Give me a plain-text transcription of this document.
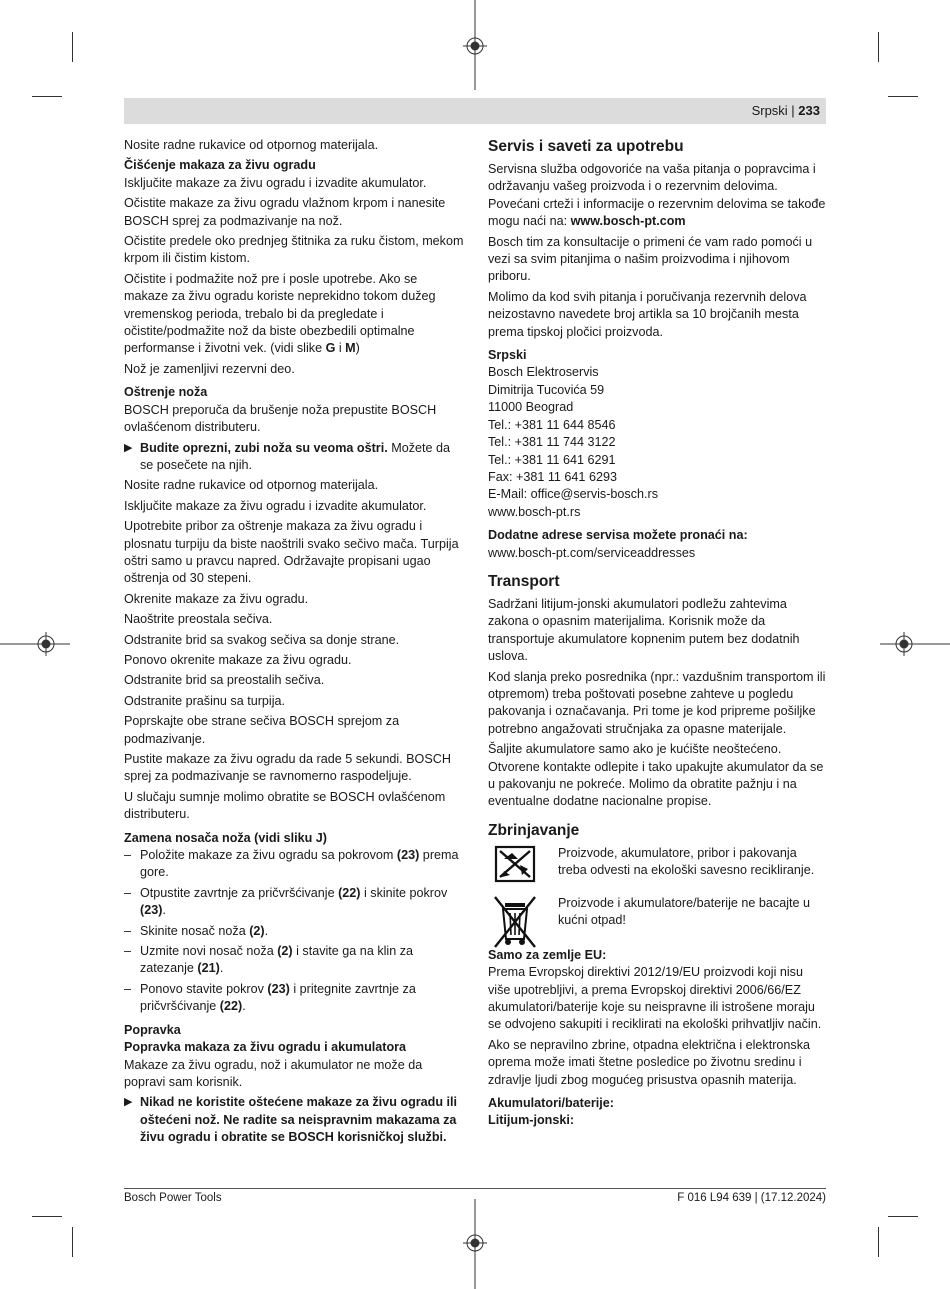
Srpski | 233

Nosite radne rukavice od otpornog materijala.

Čišćenje makaza za živu ogradu

Isključite makaze za živu ogradu i izvadite akumulator.

Očistite makaze za živu ogradu vlažnom krpom i nanesite BOSCH sprej za podmazivanje na nož.

Očistite predele oko prednjeg štitnika za ruku čistom, mekom krpom ili čistim kistom.

Očistite i podmažite nož pre i posle upotrebe. Ako se makaze za živu ogradu koriste neprekidno tokom dužeg vremenskog perioda, trebalo bi da pregledate i očistite/podmažite nož da biste obezbedili optimalne performanse i životni vek. (vidi slike G i M)

Nož je zamenljivi rezervni deo.

Oštrenje noža

BOSCH preporuča da brušenje noža prepustite BOSCH ovlašćenom distributeru.

▶ Budite oprezni, zubi noža su veoma oštri. Možete da se posečete na njih.

Nosite radne rukavice od otpornog materijala.

Isključite makaze za živu ogradu i izvadite akumulator.

Upotrebite pribor za oštrenje makaza za živu ogradu i plosnatu turpiju da biste naoštrili svako sečivo mača. Turpija oštri samo u pravcu napred. Održavajte propisani ugao oštrenja od 30 stepeni.

Okrenite makaze za živu ogradu.

Naoštrite preostala sečiva.

Odstranite brid sa svakog sečiva sa donje strane.

Ponovo okrenite makaze za živu ogradu.

Odstranite brid sa preostalih sečiva.

Odstranite prašinu sa turpija.

Poprskajte obe strane sečiva BOSCH sprejom za podmazivanje.

Pustite makaze za živu ogradu da rade 5 sekundi. BOSCH sprej za podmazivanje se ravnomerno raspodeljuje.

U slučaju sumnje molimo obratite se BOSCH ovlašćenom distributeru.

Zamena nosača noža (vidi sliku J)

– Položite makaze za živu ogradu sa pokrovom (23) prema gore.

– Otpustite zavrtnje za pričvršćivanje (22) i skinite pokrov (23).

– Skinite nosač noža (2).

– Uzmite novi nosač noža (2) i stavite ga na klin za zatezanje (21).

– Ponovo stavite pokrov (23) i pritegnite zavrtnje za pričvršćivanje (22).

Popravka

Popravka makaza za živu ogradu i akumulatora

Makaze za živu ogradu, nož i akumulator ne može da popravi sam korisnik.

▶ Nikad ne koristite oštećene makaze za živu ogradu ili oštećeni nož. Ne radite sa neispravnim makazama za živu ogradu i obratite se BOSCH korisničkoj službi.

Servis i saveti za upotrebu

Servisna služba odgovoriće na vaša pitanja o popravcima i održavanju vašeg proizvoda i o rezervnim delovima. Povećani crteži i informacije o rezervnim delovima se takođe mogu naći na: www.bosch-pt.com

Bosch tim za konsultacije o primeni će vam rado pomoći u vezi sa svim pitanjima o našim proizvodima i njihovom priboru.

Molimo da kod svih pitanja i poručivanja rezervnih delova neizostavno navedete broj artikla sa 10 brojčanih mesta prema tipskoj pločici proizvoda.

Srpski

Bosch Elektroservis

Dimitrija Tucovića 59

11000 Beograd

Tel.: +381 11 644 8546

Tel.: +381 11 744 3122

Tel.: +381 11 641 6291

Fax: +381 11 641 6293

E-Mail: office@servis-bosch.rs

www.bosch-pt.rs

Dodatne adrese servisa možete pronaći na:

www.bosch-pt.com/serviceaddresses

Transport

Sadržani litijum-jonski akumulatori podležu zahtevima zakona o opasnim materijalima. Korisnik može da transportuje akumulatore kopnenim putem bez dodatnih uslova.

Kod slanja preko posrednika (npr.: vazdušnim transportom ili otpremom) treba poštovati posebne zahteve u pogledu pakovanja i označavanja. Pri tome je kod pripreme pošiljke potrebno angažovati stručnjaka za opasne materijale.

Šaljite akumulatore samo ako je kućište neoštećeno. Otvorene kontakte odlepite i tako upakujte akumulator da se u pakovanju ne pokreće. Molimo da obratite pažnju i na eventualne dodatne nacionalne propise.

Zbrinjavanje

Proizvode, akumulatore, pribor i pakovanja treba odvesti na ekološki savesno recikliranje.
Proizvode i akumulatore/baterije ne bacajte u kućni otpad!

Samo za zemlje EU:

Prema Evropskoj direktivi 2012/19/EU proizvodi koji nisu više upotrebljivi, a prema Evropskoj direktivi 2006/66/EZ akumulatori/baterije koje su neispravne ili istrošene moraju se odvojeno sakupiti i reciklirati na ekološki prihvatljiv način.

Ako se nepravilno zbrine, otpadna električna i elektronska oprema može imati štetne posledice po životnu sredinu i zdravlje ljudi zbog mogućeg prisustva opasnih materija.

Akumulatori/baterije:

Litijum-jonski:

Bosch Power Tools	F 016 L94 639 | (17.12.2024)
